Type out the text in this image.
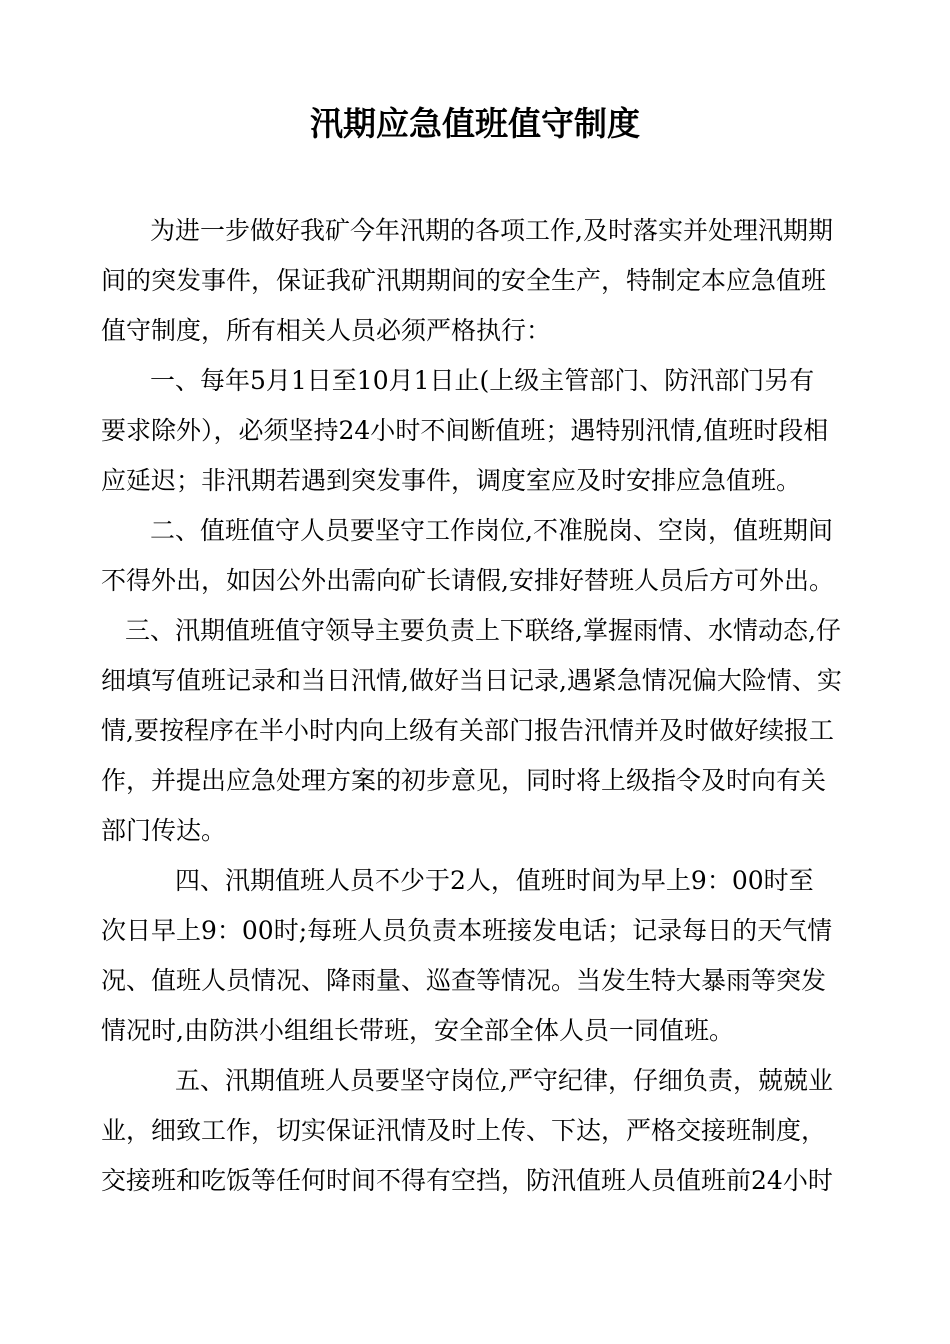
汛期应急值班值守制度
为进一步做好我矿今年汛期的各项工作,及时落实并处理汛期期
间的突发事件，保证我矿汛期期间的安全生产，特制定本应急值班
值守制度，所有相关人员必须严格执行：
一、每年5月1日至10月1日止(上级主管部门、防汛部门另有
要求除外），必须坚持24小时不间断值班；遇特别汛情,值班时段相
应延迟；非汛期若遇到突发事件，调度室应及时安排应急值班。
二、值班值守人员要坚守工作岗位,不准脱岗、空岗，值班期间
不得外出，如因公外出需向矿长请假,安排好替班人员后方可外出。
三、汛期值班值守领导主要负责上下联络,掌握雨情、水情动态,仔
细填写值班记录和当日汛情,做好当日记录,遇紧急情况偏大险情、实
情,要按程序在半小时内向上级有关部门报告汛情并及时做好续报工
作，并提出应急处理方案的初步意见，同时将上级指令及时向有关
部门传达。
四、汛期值班人员不少于2人，值班时间为早上9：00时至
次日早上9：00时;每班人员负责本班接发电话；记录每日的天气情
况、值班人员情况、降雨量、巡查等情况。当发生特大暴雨等突发
情况时,由防洪小组组长带班，安全部全体人员一同值班。
五、汛期值班人员要坚守岗位,严守纪律，仔细负责，兢兢业
业，细致工作，切实保证汛情及时上传、下达，严格交接班制度，
交接班和吃饭等任何时间不得有空挡，防汛值班人员值班前24小时
